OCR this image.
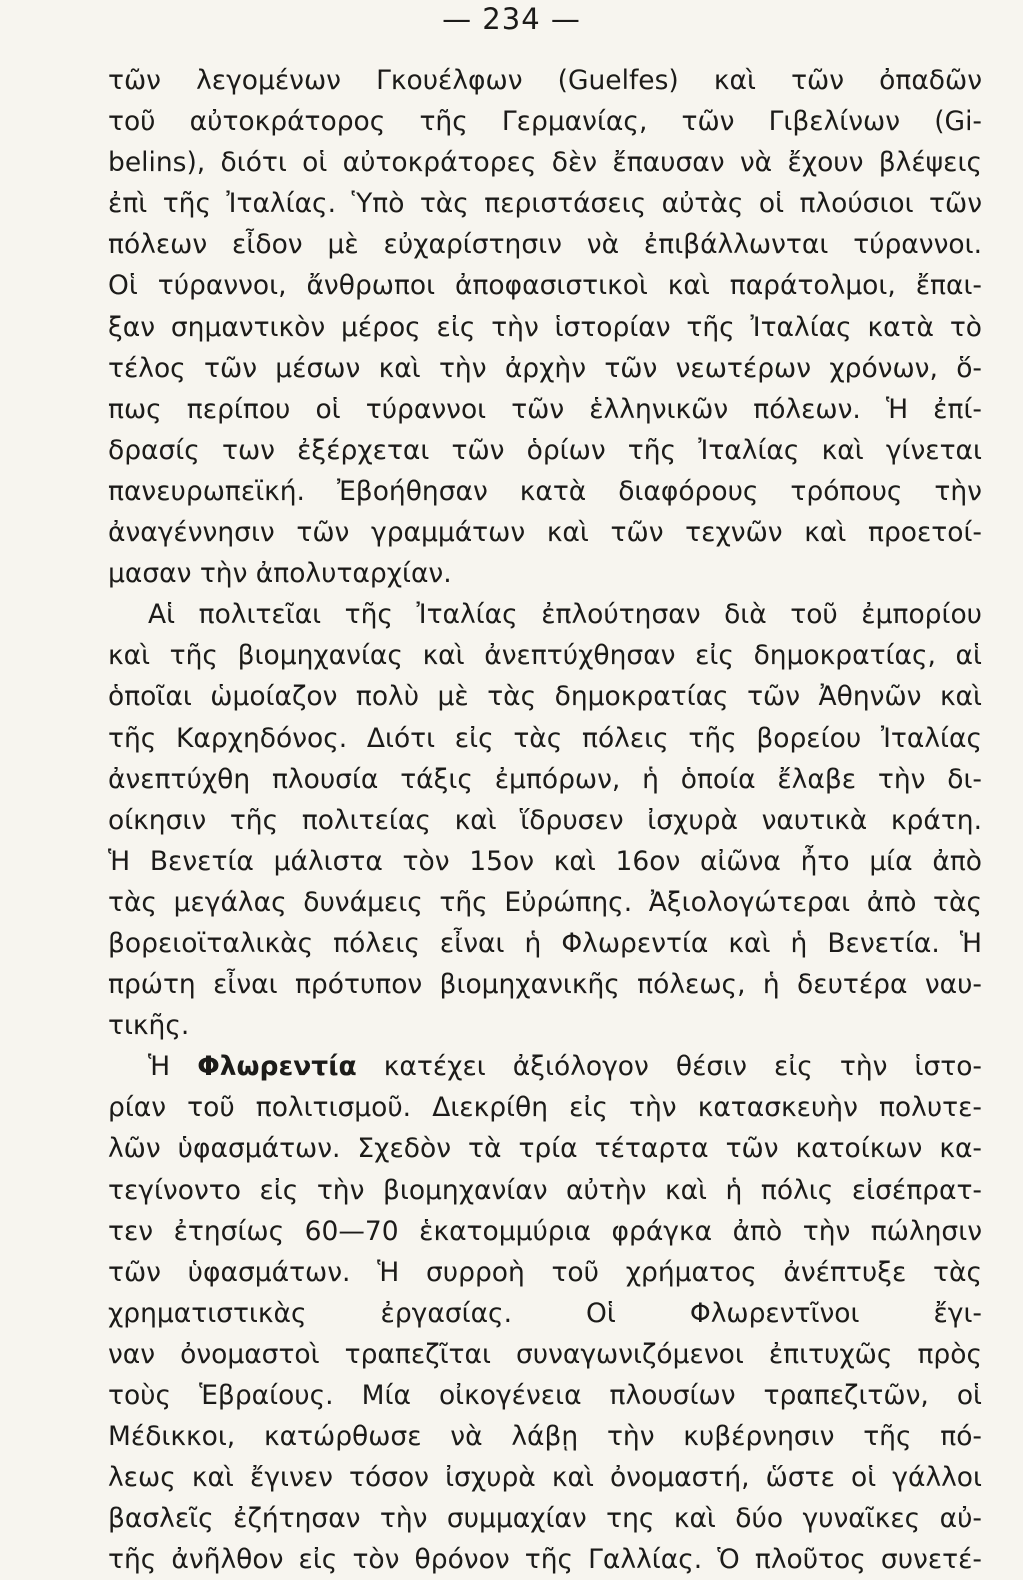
— 234 —
τῶν λεγομένων Γκουέλφων (Guelfes) καὶ τῶν ὀπαδῶν
τοῦ αὐτοκράτορος τῆς Γερμανίας, τῶν Γιβελίνων (Gi-
belins), διότι οἱ αὐτοκράτορες δὲν ἔπαυσαν νὰ ἔχουν βλέψεις
ἐπὶ τῆς Ἰταλίας. Ὑπὸ τὰς περιστάσεις αὐτὰς οἱ πλούσιοι τῶν
πόλεων εἶδον μὲ εὐχαρίστησιν νὰ ἐπιβάλλωνται τύραννοι.
Οἱ τύραννοι, ἄνθρωποι ἀποφασιστικοὶ καὶ παράτολμοι, ἔπαι-
ξαν σημαντικὸν μέρος εἰς τὴν ἱστορίαν τῆς Ἰταλίας κατὰ τὸ
τέλος τῶν μέσων καὶ τὴν ἀρχὴν τῶν νεωτέρων χρόνων, ὅ-
πως περίπου οἱ τύραννοι τῶν ἑλληνικῶν πόλεων. Ἡ ἐπί-
δρασίς των ἐξέρχεται τῶν ὁρίων τῆς Ἰταλίας καὶ γίνεται
πανευρωπεϊκή. Ἐβοήθησαν κατὰ διαφόρους τρόπους τὴν
ἀναγέννησιν τῶν γραμμάτων καὶ τῶν τεχνῶν καὶ προετοί-
μασαν τὴν ἀπολυταρχίαν.
Αἱ πολιτεῖαι τῆς Ἰταλίας ἐπλούτησαν διὰ τοῦ ἐμπορίου
καὶ τῆς βιομηχανίας καὶ ἀνεπτύχθησαν εἰς δημοκρατίας, αἱ
ὁποῖαι ὡμοίαζον πολὺ μὲ τὰς δημοκρατίας τῶν Ἀθηνῶν καὶ
τῆς Καρχηδόνος. Διότι εἰς τὰς πόλεις τῆς βορείου Ἰταλίας
ἀνεπτύχθη πλουσία τάξις ἐμπόρων, ἡ ὁποία ἔλαβε τὴν δι-
οίκησιν τῆς πολιτείας καὶ ἵδρυσεν ἰσχυρὰ ναυτικὰ κράτη.
Ἡ Βενετία μάλιστα τὸν 15ον καὶ 16ον αἰῶνα ἦτο μία ἀπὸ
τὰς μεγάλας δυνάμεις τῆς Εὐρώπης. Ἀξιολογώτεραι ἀπὸ τὰς
βορειοϊταλικὰς πόλεις εἶναι ἡ Φλωρεντία καὶ ἡ Βενετία. Ἡ
πρώτη εἶναι πρότυπον βιομηχανικῆς πόλεως, ἡ δευτέρα ναυ-
τικῆς.
Ἡ Φλωρεντία κατέχει ἀξιόλογον θέσιν εἰς τὴν ἱστο-
ρίαν τοῦ πολιτισμοῦ. Διεκρίθη εἰς τὴν κατασκευὴν πολυτε-
λῶν ὑφασμάτων. Σχεδὸν τὰ τρία τέταρτα τῶν κατοίκων κα-
τεγίνοντο εἰς τὴν βιομηχανίαν αὐτὴν καὶ ἡ πόλις εἰσέπρατ-
τεν ἐτησίως 60—70 ἑκατομμύρια φράγκα ἀπὸ τὴν πώλησιν
τῶν ὑφασμάτων. Ἡ συρροὴ τοῦ χρήματος ἀνέπτυξε τὰς
χρηματιστικὰς ἐργασίας. Οἱ Φλωρεντῖνοι ἔγι-
ναν ὀνομαστοὶ τραπεζῖται συναγωνιζόμενοι ἐπιτυχῶς πρὸς
τοὺς Ἑβραίους. Μία οἰκογένεια πλουσίων τραπεζιτῶν, οἱ
Μέδικκοι, κατώρθωσε νὰ λάβῃ τὴν κυβέρνησιν τῆς πό-
λεως καὶ ἔγινεν τόσον ἰσχυρὰ καὶ ὀνομαστή, ὥστε οἱ γάλλοι
βασλεῖς ἐζήτησαν τὴν συμμαχίαν της καὶ δύο γυναῖκες αὐ-
τῆς ἀνῆλθον εἰς τὸν θρόνον τῆς Γαλλίας. Ὁ πλοῦτος συνετέ-
